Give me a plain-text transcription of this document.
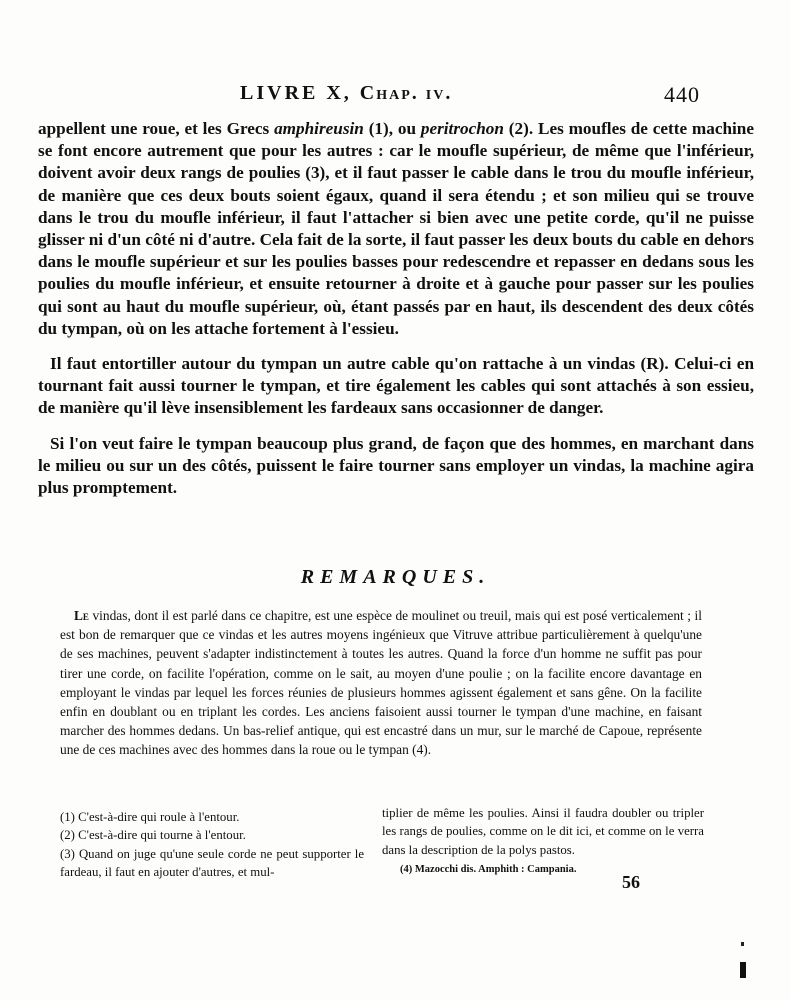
LIVRE X, Chap. iv.	440

appellent une roue, et les Grecs amphireusin (1), ou peritrochon (2). Les moufles de cette machine se font encore autrement que pour les autres : car le moufle supérieur, de même que l'inférieur, doivent avoir deux rangs de poulies (3), et il faut passer le cable dans le trou du moufle inférieur, de manière que ces deux bouts soient égaux, quand il sera étendu ; et son milieu qui se trouve dans le trou du moufle inférieur, il faut l'attacher si bien avec une petite corde, qu'il ne puisse glisser ni d'un côté ni d'autre. Cela fait de la sorte, il faut passer les deux bouts du cable en dehors dans le moufle supérieur et sur les poulies basses pour redescendre et repasser en dedans sous les poulies du moufle inférieur, et ensuite retourner à droite et à gauche pour passer sur les poulies qui sont au haut du moufle supérieur, où, étant passés par en haut, ils descendent des deux côtés du tympan, où on les attache fortement à l'essieu.

Il faut entortiller autour du tympan un autre cable qu'on rattache à un vindas (R). Celui-ci en tournant fait aussi tourner le tympan, et tire également les cables qui sont attachés à son essieu, de manière qu'il lève insensiblement les fardeaux sans occasionner de danger.

Si l'on veut faire le tympan beaucoup plus grand, de façon que des hommes, en marchant dans le milieu ou sur un des côtés, puissent le faire tourner sans employer un vindas, la machine agira plus promptement.

REMARQUES.
Le vindas, dont il est parlé dans ce chapitre, est une espèce de moulinet ou treuil, mais qui est posé verticalement ; il est bon de remarquer que ce vindas et les autres moyens ingénieux que Vitruve attribue particulièrement à quelqu'une de ses machines, peuvent s'adapter indistinctement à toutes les autres. Quand la force d'un homme ne suffit pas pour tirer une corde, on facilite l'opération, comme on le sait, au moyen d'une poulie ; on la facilite encore davantage en employant le vindas par lequel les forces réunies de plusieurs hommes agissent également et sans gêne. On la facilite enfin en doublant ou en triplant les cordes. Les anciens faisoient aussi tourner le tympan d'une machine, en faisant marcher des hommes dedans. Un bas-relief antique, qui est encastré dans un mur, sur le marché de Capoue, représente une de ces machines avec des hommes dans la roue ou le tympan (4).

(1) C'est-à-dire qui roule à l'entour.

(2) C'est-à-dire qui tourne à l'entour.

(3) Quand on juge qu'une seule corde ne peut supporter le fardeau, il faut en ajouter d'autres, et mul-

tiplier de même les poulies. Ainsi il faudra doubler ou tripler les rangs de poulies, comme on le dit ici, et comme on le verra dans la description de la polys pastos.

(4) Mazocchi dis. Amphith : Campania.
56
